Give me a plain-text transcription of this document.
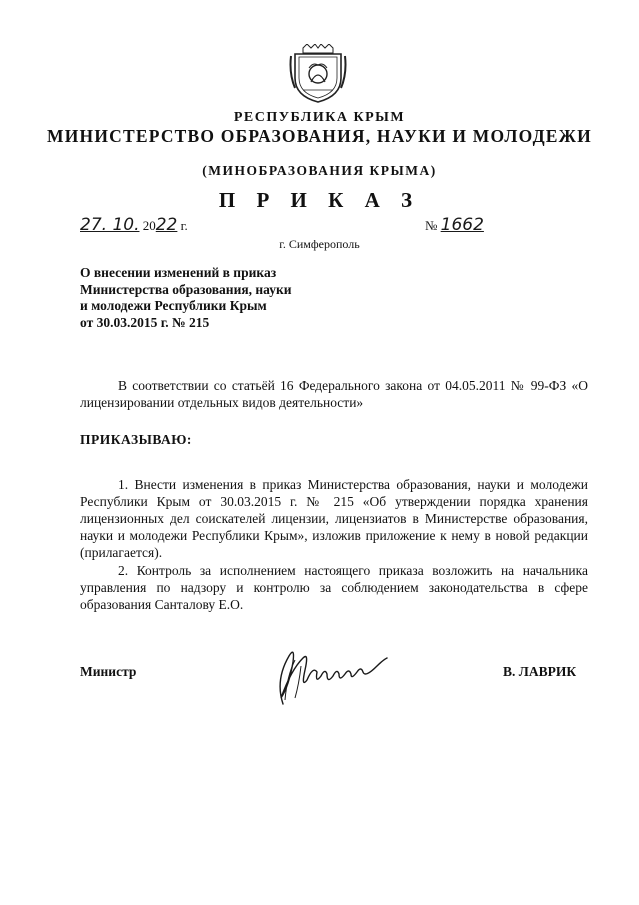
РЕСПУБЛИКА КРЫМ
МИНИСТЕРСТВО ОБРАЗОВАНИЯ, НАУКИ И МОЛОДЕЖИ
(МИНОБРАЗОВАНИЯ КРЫМА)
П Р И К А З
27. 10. 2022 г.	№ 1662
г. Симферополь
О внесении изменений в приказ
Министерства образования, науки
и молодежи Республики Крым
от 30.03.2015 г. № 215
В соответствии со статьёй 16 Федерального закона от 04.05.2011 № 99-ФЗ «О лицензировании отдельных видов деятельности»
ПРИКАЗЫВАЮ:
1. Внести изменения в приказ Министерства образования, науки и молодежи Республики Крым от 30.03.2015 г. № 215 «Об утверждении порядка хранения лицензионных дел соискателей лицензии, лицензиатов в Министерстве образования, науки и молодежи Республики Крым», изложив приложение к нему в новой редакции (прилагается).
2. Контроль за исполнением настоящего приказа возложить на начальника управления по надзору и контролю за соблюдением законодательства в сфере образования Санталову Е.О.
Министр	В. ЛАВРИК
